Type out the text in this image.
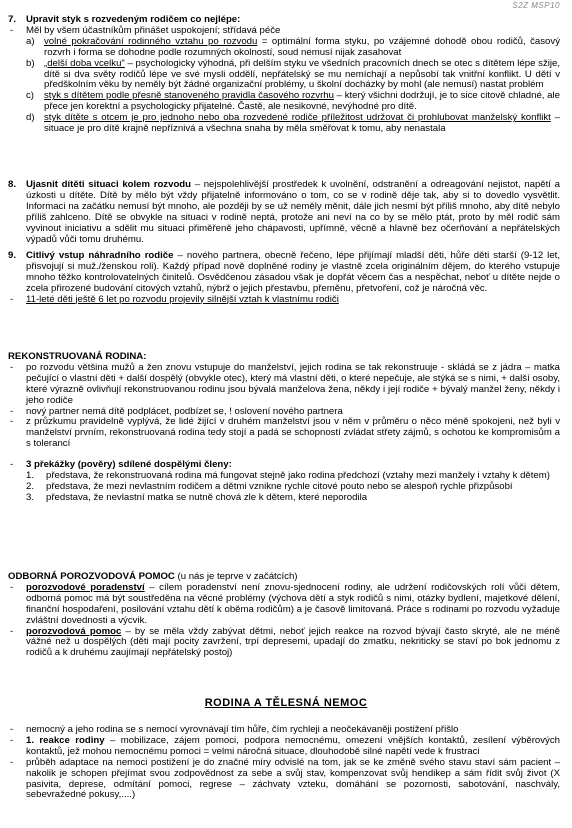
S2Z MSP10
7.	Upravit styk s rozvedeným rodičem co nejlépe:
- Měl by všem účastníkům přinášet uspokojení; střídavá péče
a) volné pokračování rodinného vztahu po rozvodu = optimální forma styku, po vzájemné dohodě obou rodičů, časový rozvrh i forma se dohodne podle rozumných okolností, soud nemusí nijak zasahovat
b) „delší doba vcelku" – psychologicky výhodná, při delším styku ve všedních pracovních dnech se otec s dítětem lépe sžije, dítě si dva světy rodičů lépe ve své mysli oddělí, nepřátelský se mu nemíchají a nepůsobí tak vnitřní konflikt. U dětí v předškolním věku by neměly být žádné organizační problémy, u školní docházky by mohl (ale nemusí) nastat problém
c) styk s dítětem podle přesně stanoveného pravidla časového rozvrhu – který všichni dodržují, je to sice citově chladné, ale přece jen korektní a psychologicky přijatelné. Častě, ale nesikovné, nevýhodné pro dítě.
d) styk dítěte s otcem je pro jednoho nebo oba rozvedené rodiče příležitost udržovat či prohlubovat manželský konflikt – situace je pro dítě krajně nepříznivá a všechna snaha by měla směřovat k tomu, aby nenastala
8.	Ujasnit dítěti situaci kolem rozvodu – nejspolehlivější prostředek k uvolnění, odstranění a odreagování nejistot, napětí a úzkosti u dítěte. Dítě by mělo být vždy přijatelně informováno o tom, co se v rodině děje tak, aby si to dovedlo vysvětlit. Informaci na začátku nemusí být mnoho, ale později by se už neměly měnit, dále jich nesmí být příliš mnoho, aby dítě nebylo příliš zahlceno. Dítě se obvykle na situaci v rodině neptá, protože ani neví na co by se mělo ptát, proto by měl rodič sám vyvinout iniciativu a sdělit mu situaci přiměřeně jeho chápavosti, upřímně, věcně a hlavně bez očerňování a nepřátelských výpadů vůči tomu druhému.
9.	Citlivý vstup náhradního rodiče – nového partnera, obecně řečeno, lépe přijímají mladší děti, hůře děti starší (9-12 let, přisvojují si muž./ženskou roli). Každý případ nově doplněné rodiny je vlastně zcela originálním dějem, do kterého vstupuje mnoho těžko kontrolovatelných činitelů. Osvědčenou zásadou však je dopřát věcem čas a nespěchat, neboť u dítěte nejde o zcela přirozené budování citových vztahů, nýbrž o jejich přestavbu, přeměnu, přetvoření, což je náročná věc.
- 11-leté děti ještě 6 let po rozvodu projevily silnější vztah k vlastnímu rodiči
REKONSTRUOVANÁ RODINA:
- po rozvodu většina mužů a žen znovu vstupuje do manželství, jejich rodina se tak rekonstruuje - skládá se z jádra – matka pečující o vlastní děti + další dospělý (obvykle otec), který má vlastní děti, o které nepečuje, ale stýká se s nimi, + další osoby, které výrazně ovlivňují rekonstruovanou rodinu jsou bývalá manželova žena, někdy i její rodiče + bývalý manžel ženy, někdy i jeho rodiče
- nový partner nemá dítě podplácet, podbízet se, ! oslovení nového partnera
- z průzkumu pravidelně vyplývá, že lidé žijící v druhém manželství jsou v něm v průměru o něco méně spokojeni, než byli v manželství prvním, rekonstruovaná rodina tedy stojí a padá se schopností zvládat střety zájmů, s ochotou ke kompromisům a s tolerancí
- 3 překážky (pověry) sdílené dospělými členy:
1. představa, že rekonstruovaná rodina má fungovat stejně jako rodina předchozí (vztahy mezi manžely i vztahy k dětem)
2. představa, že mezi nevlastním rodičem a dětmi vznikne rychle citové pouto nebo se alespoň rychle přizpůsobí
3. představa, že nevlastní matka se nutně chová zle k dětem, které neporodila
ODBORNÁ POROZVODOVÁ POMOC (u nás je teprve v začátcích)
- porozvodové poradenství – cílem poradenství není znovu-sjednocení rodiny, ale udržení rodičovských rolí vůči dětem, odborná pomoc má být soustředěna na věcné problémy (výchova dětí a styk rodičů s nimi, otázky bydlení, majetkové dělení, finanční hospodaření, posilování vztahu dětí k oběma rodičům) a je časově limitovaná. Práce s rodinami po rozvodu vyžaduje zvláštní dovednosti a výcvik.
- porozvodová pomoc – by se měla vždy zabývat dětmi, neboť jejich reakce na rozvod bývají často skryté, ale ne méně vážné než u dospělých (děti mají pocity zavržení, trpí depresemi, upadají do zmatku, nekriticky se staví po bok jednomu z rodičů a k druhému zaujímají nepřátelský postoj)
RODINA A TĚLESNÁ NEMOC
- nemocný a jeho rodina se s nemocí vyrovnávají tím hůře, čím rychleji a neočekávaněji postižení přišlo
- 1. reakce rodiny – mobilizace, zájem pomoci, podpora nemocnému, omezení vnějších kontaktů, zesílení výběrových kontaktů, jež mohou nemocnému pomoci = velmi náročná situace, dlouhodobě silné napětí vede k frustraci
- průběh adaptace na nemoci postižení je do značné míry odvislé na tom, jak se ke změně svého stavu staví sám pacient – nakolik je schopen přejímat svou zodpovědnost za sebe a svůj stav, kompenzovat svůj hendikep a sám řídit svůj život (X pasivita, deprese, odmítání pomoci, regrese – záchvaty vzteku, domáhání se pozornosti, sabotování, naschvály, sebevražedné pokusy,....)
